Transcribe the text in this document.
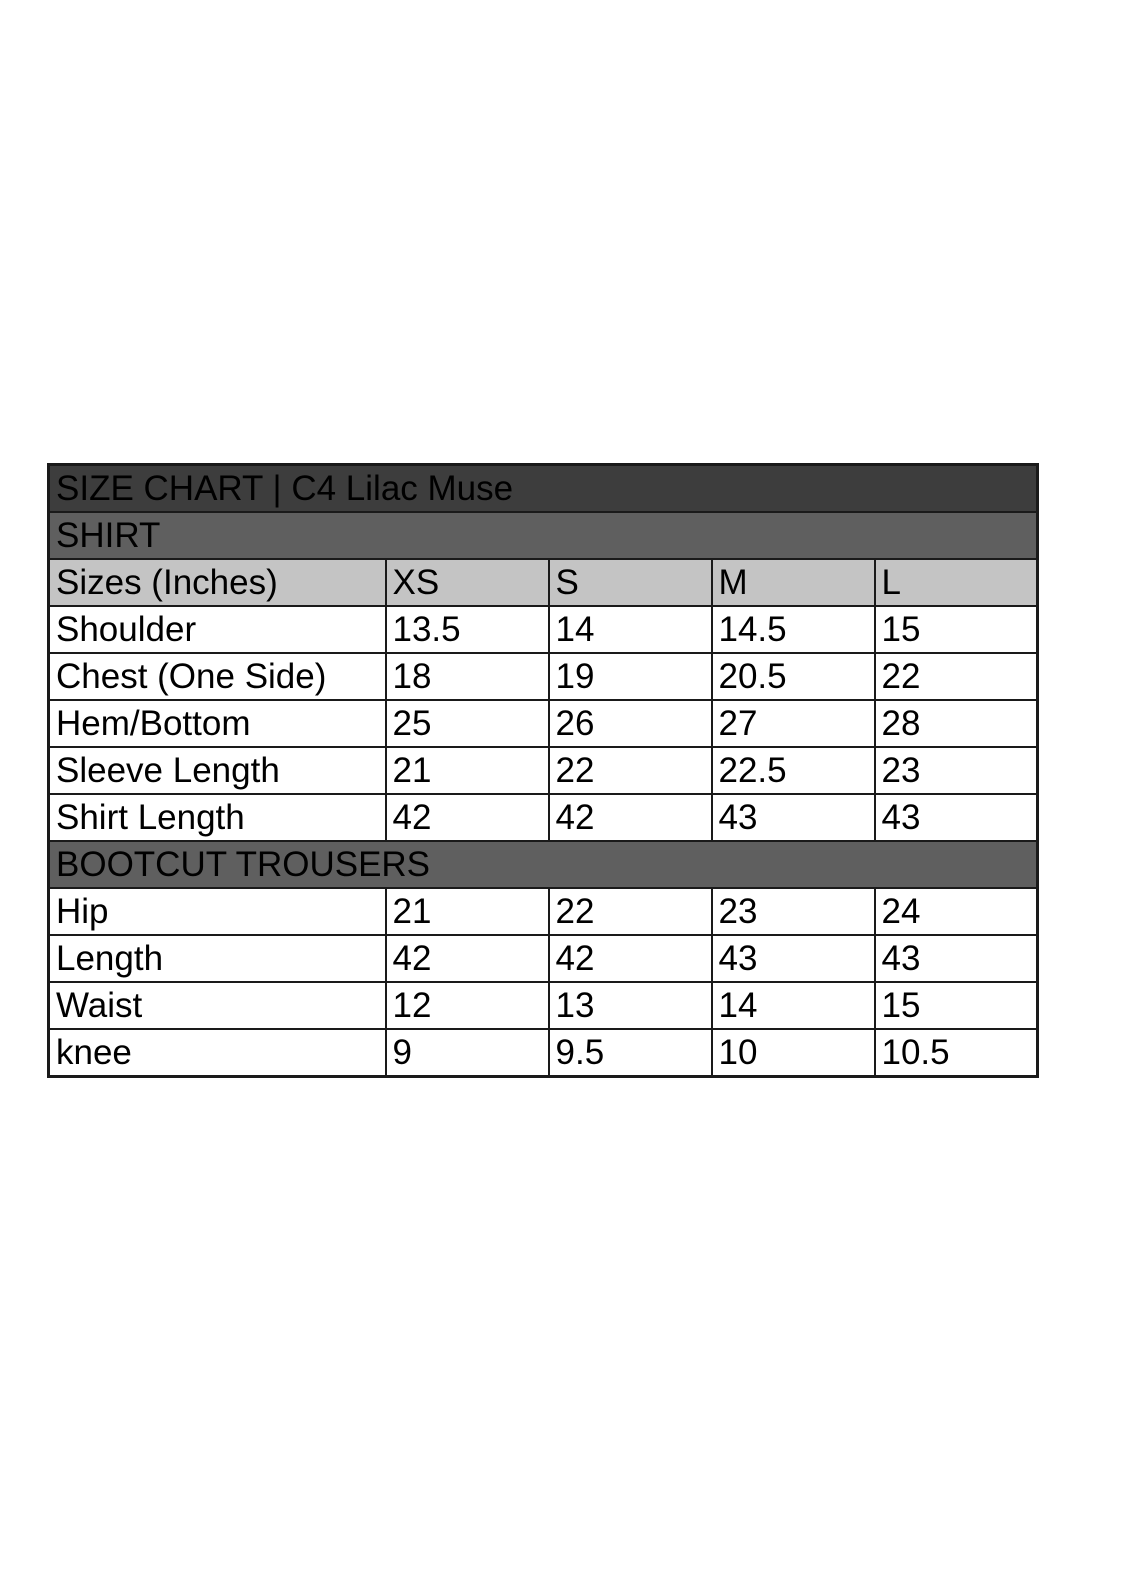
SIZE CHART | C4 Lilac Muse				
SHIRT				
Sizes (Inches)	XS	S	M	L
Shoulder	13.5	14	14.5	15
Chest (One Side)	18	19	20.5	22
Hem/Bottom	25	26	27	28
Sleeve Length	21	22	22.5	23
Shirt Length	42	42	43	43
BOOTCUT TROUSERS				
Hip	21	22	23	24
Length	42	42	43	43
Waist	12	13	14	15
knee	9	9.5	10	10.5
